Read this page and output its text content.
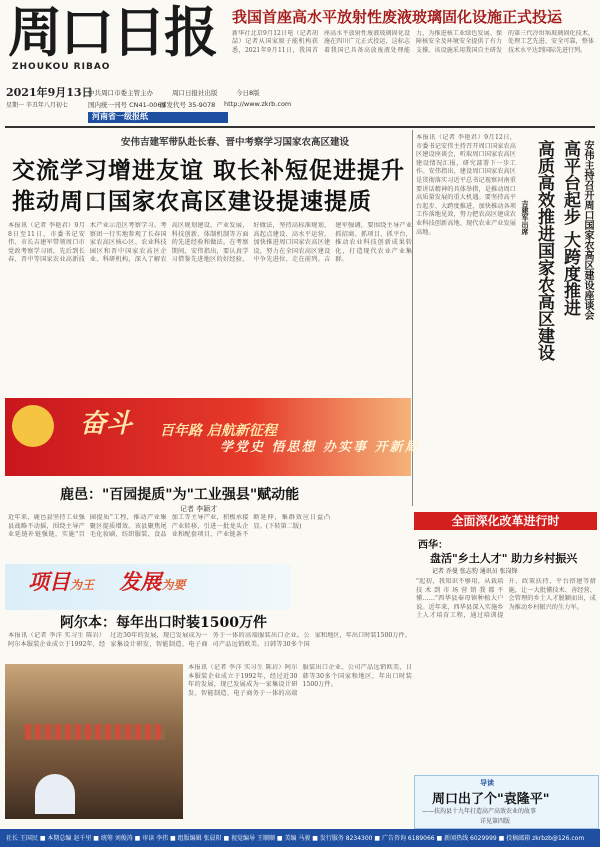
周口日报
ZHOUKOU RIBAO
我国首座高水平放射性废液玻璃固化设施正式投运
新华社北京9月12日电（记者胡喆）记者从国家原子能机构获悉，2021年9月11日，我国首座高水平放射性废液玻璃固化设施在四川广元正式投运，这标志着我国已具备高放废液处理能力，为推进核工业绿色发展、保障核安全及环境安全提供了有力支撑。该设施采用我国自主研发的第三代冷坩埚玻璃固化技术，处理工艺先进、安全可靠，整体技术水平达到国际先进行列。
2021年9月13日
星期一 辛丑年八月初七
中共周口市委主管主办	周口日报社出版	今日8版
国内统一刊号 CN41-0069
邮发代号 35-9078 http://www.zkrb.com
河南省一级报纸
安伟吉建军带队赴长春、晋中考察学习国家农高区建设
交流学习增进友谊 取长补短促进提升
推动周口国家农高区建设提速提质
本报讯（记者 李艳君）9月8日至11日，市委书记安伟、市长吉建军带领周口市党政考察学习团，先后到长春、晋中等国家农业高新技术产业示范区考察学习。考察团一行实地参观了长春国家农高区核心区、农业科技园区和晋中国家农高区企业、科研机构，深入了解农高区规划建设、产业发展、科技创新、体制机制等方面的先进经验和做法。在考察期间，安伟指出，要认真学习借鉴先进地区的好经验、好做法，坚持高标准规划、高起点建设、高水平运营，加快推进周口国家农高区建设，努力在全国农高区建设中争先进位、走在前列。吉建军强调，要围绕主导产业抓招商、抓项目、抓平台，推动农业科技创新成果转化，打造现代农业产业集群。
本报讯（记者 李艳君）9月12日，市委书记安伟主持召开周口国家农高区建设座谈会，听取周口国家农高区建设情况汇报，研究部署下一步工作。安伟指出，建设周口国家农高区是贯彻落实习近平总书记视察河南重要讲话精神的具体举措，是推动周口高质量发展的重大机遇。要坚持高平台起步、大跨度推进，加快推动各项工作落地见效，努力把农高区建成农业科技创新高地、现代农业产业发展高地。	安伟主持召开周口国家农高区建设座谈会
高平台起步 大跨度推进
高质高效推进国家农高区建设
吉建军出席
奋斗 百年路 启航新征程
学党史 悟思想 办实事 开新局
鹿邑："百园提质"为"工业强县"赋动能
记者 李颖才
近年来，鹿邑县坚持工业强县战略不动摇，围绕主导产业延链补链强链，实施"百园提质"工程，推动产业集聚区提质增效。该县聚焦尾毛化妆刷、纺织服装、食品加工等主导产业，积极承接产业转移，引进一批龙头企业和配套项目，产业链条不断延伸，集群效应日益凸显。(下转第二版)	全面深化改革进行时
西华：
盘活"乡土人才" 助力乡村振兴
记者 乔曼 张志豹 通讯员 张岗锋
"起初，我知识不够用，从栽培技术到市场营销我都不懂……"西华县奉母镇种植大户说。近年来，西华县深入实施乡土人才培育工程，通过培训提升、政策扶持、平台搭建等措施，让一大批懂技术、善经营、会管理的乡土人才脱颖而出，成为推动乡村振兴的生力军。
项目为王 发展为要
阿尔本：每年出口时装1500万件
本报讯（记者 李洋 实习生 陈岩）阿尔本服装企业成立于1992年，经过近30年的发展，现已发展成为一家集设计研发、智能制造、电子商务于一体的高端服装出口企业。公司产品远销欧美、日韩等30多个国家和地区，年出口时装1500万件。
本报讯（记者 李洋 实习生 陈岩）阿尔本服装企业成立于1992年，经过近30年的发展，现已发展成为一家集设计研发、智能制造、电子商务于一体的高端服装出口企业。公司产品远销欧美、日韩等30多个国家和地区，年出口时装1500万件。
导读
周口出了个"袁隆平"
——扶沟县十九年打造高产高效农业的故事
详见第四版
社长 王国民 ■ 本期总编 赵千里 ■ 统筹 刘俊涛 ■ 审读 李伟 ■ 组版编辑 张晨阳 ■ 视觉编导 王顺顺 ■ 美编 马骏 ■ 发行服务 8234300 ■ 广告咨询 6189066 ■ 新闻热线 6029999 ■ 投稿邮箱 zkrbzb@126.com
